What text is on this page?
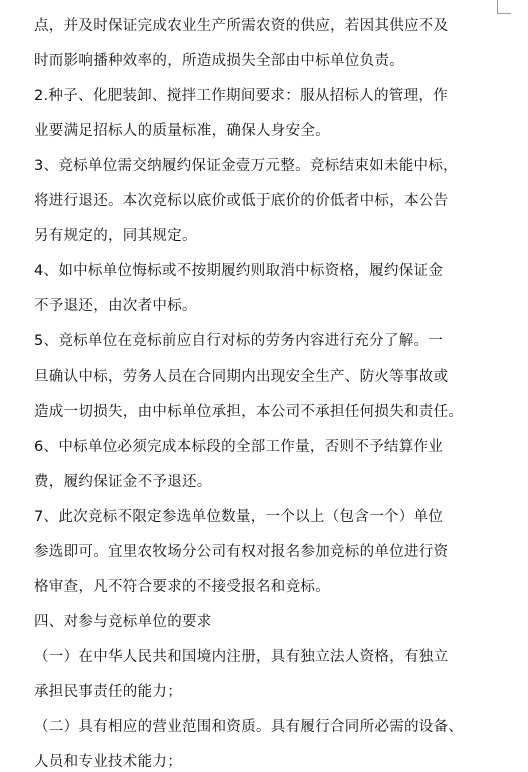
点，并及时保证完成农业生产所需农资的供应，若因其供应不及
时而影响播种效率的，所造成损失全部由中标单位负责。
2.种子、化肥装卸、搅拌工作期间要求：服从招标人的管理，作
业要满足招标人的质量标准，确保人身安全。
3、竞标单位需交纳履约保证金壹万元整。竞标结束如未能中标，
将进行退还。本次竞标以底价或低于底价的价低者中标，本公告
另有规定的，同其规定。
4、如中标单位悔标或不按期履约则取消中标资格，履约保证金
不予退还，由次者中标。
5、竞标单位在竞标前应自行对标的劳务内容进行充分了解。一
旦确认中标，劳务人员在合同期内出现安全生产、防火等事故或
造成一切损失，由中标单位承担，本公司不承担任何损失和责任。
6、中标单位必须完成本标段的全部工作量，否则不予结算作业
费，履约保证金不予退还。
7、此次竞标不限定参选单位数量，一个以上（包含一个）单位
参选即可。宜里农牧场分公司有权对报名参加竞标的单位进行资
格审查，凡不符合要求的不接受报名和竞标。
四、对参与竞标单位的要求
（一）在中华人民共和国境内注册，具有独立法人资格，有独立
承担民事责任的能力；
（二）具有相应的营业范围和资质。具有履行合同所必需的设备、
人员和专业技术能力；
